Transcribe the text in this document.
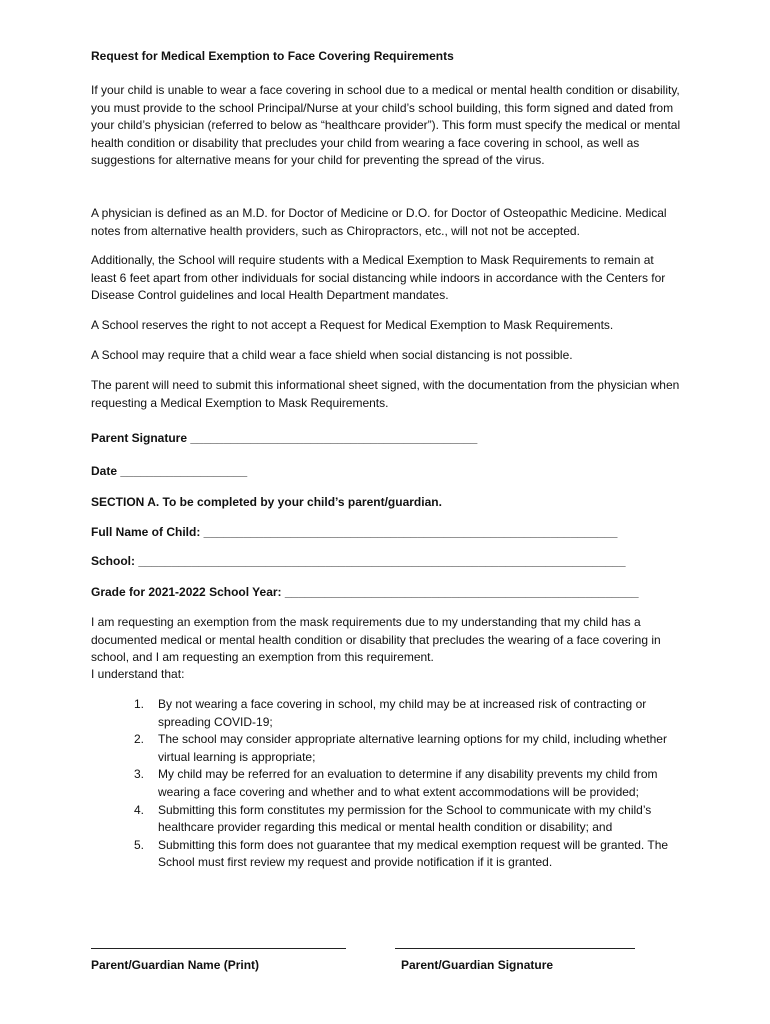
Request for Medical Exemption to Face Covering Requirements

If your child is unable to wear a face covering in school due to a medical or mental health condition or disability, you must provide to the school Principal/Nurse at your child’s school building, this form signed and dated from your child’s physician (referred to below as “healthcare provider”). This form must specify the medical or mental health condition or disability that precludes your child from wearing a face covering in school, as well as suggestions for alternative means for your child for preventing the spread of the virus.

A physician is defined as an M.D. for Doctor of Medicine or D.O. for Doctor of Osteopathic Medicine. Medical notes from alternative health providers, such as Chiropractors, etc., will not not be accepted.

Additionally, the School will require students with a Medical Exemption to Mask Requirements to remain at least 6 feet apart from other individuals for social distancing while indoors in accordance with the Centers for Disease Control guidelines and local Health Department mandates.

A School reserves the right to not accept a Request for Medical Exemption to Mask Requirements.

A School may require that a child wear a face shield when social distancing is not possible.

The parent will need to submit this informational sheet signed, with the documentation from the physician when requesting a Medical Exemption to Mask Requirements.

Parent Signature ___________________________________________

Date ___________________

SECTION A. To be completed by your child’s parent/guardian.

Full Name of Child: ______________________________________________________________

School: _________________________________________________________________________

Grade for 2021-2022 School Year: _____________________________________________________

I am requesting an exemption from the mask requirements due to my understanding that my child has a documented medical or mental health condition or disability that precludes the wearing of a face covering in school, and I am requesting an exemption from this requirement.

I understand that:

1. By not wearing a face covering in school, my child may be at increased risk of contracting or spreading COVID-19;
2. The school may consider appropriate alternative learning options for my child, including whether virtual learning is appropriate;
3. My child may be referred for an evaluation to determine if any disability prevents my child from wearing a face covering and whether and to what extent accommodations will be provided;
4. Submitting this form constitutes my permission for the School to communicate with my child’s healthcare provider regarding this medical or mental health condition or disability; and
5. Submitting this form does not guarantee that my medical exemption request will be granted. The School must first review my request and provide notification if it is granted.
Parent/Guardian Name (Print)	Parent/Guardian Signature
